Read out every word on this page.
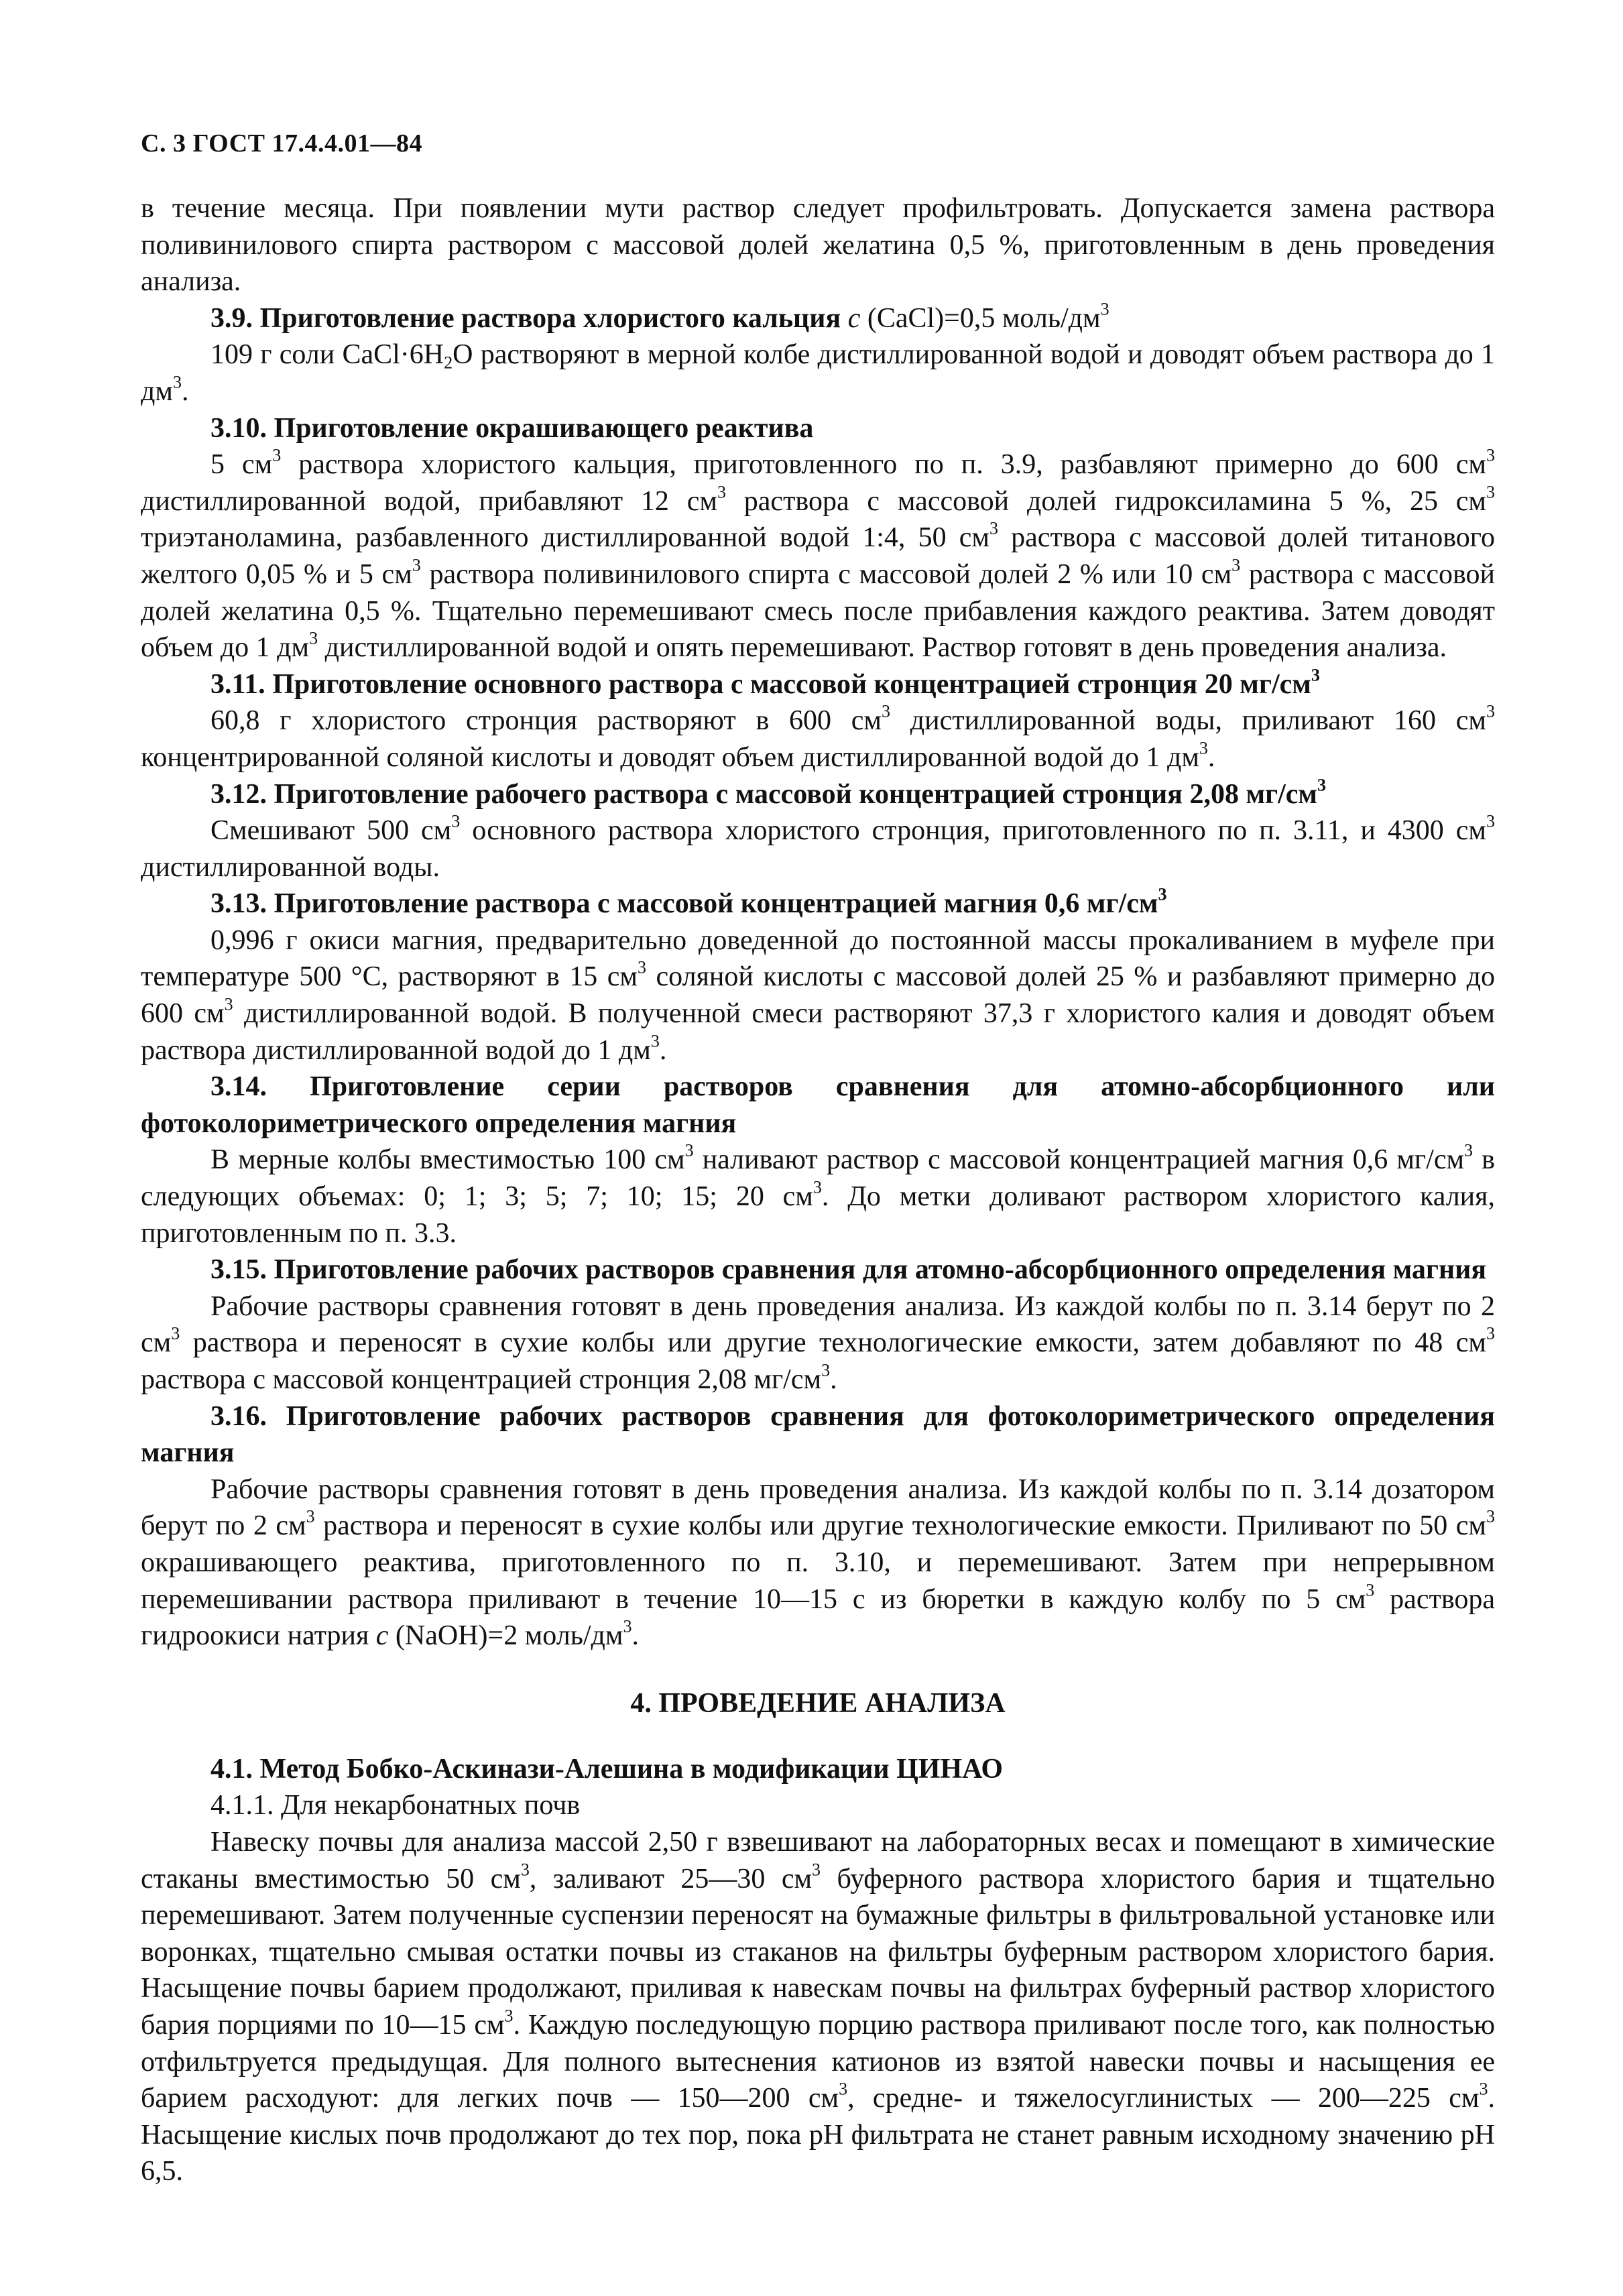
С. 3 ГОСТ 17.4.4.01—84

в течение месяца. При появлении мути раствор следует профильтровать. Допускается замена раствора поливинилового спирта раствором с массовой долей желатина 0,5 %, приготовленным в день проведения анализа.

3.9. Приготовление раствора хлористого кальция c (CaCl)=0,5 моль/$дм^3$

109 г соли $CaCl\cdot 6H_2О$ растворяют в мерной колбе дистиллированной водой и доводят объем раствора до 1 $дм^3$.

3.10. Приготовление окрашивающего реактива

5 $см^3$ раствора хлористого кальция, приготовленного по п. 3.9, разбавляют примерно до 600 $см^3$ дистиллированной водой, прибавляют 12 $см^3$ раствора с массовой долей гидроксиламина 5 %, 25 $см^3$ триэтаноламина, разбавленного дистиллированной водой 1:4, 50 $см^3$ раствора с массовой долей титанового желтого 0,05 % и 5 $см^3$ раствора поливинилового спирта с массовой долей 2 % или 10 $см^3$ раствора с массовой долей желатина 0,5 %. Тщательно перемешивают смесь после прибавления каждого реактива. Затем доводят объем до 1 $дм^3$ дистиллированной водой и опять перемешивают. Раствор готовят в день проведения анализа.

3.11. Приготовление основного раствора с массовой концентрацией стронция 20 $мг/см^3$

60,8 г хлористого стронция растворяют в 600 $см^3$ дистиллированной воды, приливают 160 $см^3$ концентрированной соляной кислоты и доводят объем дистиллированной водой до 1 $дм^3$.

3.12. Приготовление рабочего раствора с массовой концентрацией стронция 2,08 $мг/см^3$

Смешивают 500 $см^3$ основного раствора хлористого стронция, приготовленного по п. 3.11, и 4300 $см^3$ дистиллированной воды.

3.13. Приготовление раствора с массовой концентрацией магния 0,6 $мг/см^3$

0,996 г окиси магния, предварительно доведенной до постоянной массы прокаливанием в муфеле при температуре 500 °С, растворяют в 15 $см^3$ соляной кислоты с массовой долей 25 % и разбавляют примерно до 600 $см^3$ дистиллированной водой. В полученной смеси растворяют 37,3 г хлористого калия и доводят объем раствора дистиллированной водой до 1 $дм^3$.

3.14. Приготовление серии растворов сравнения для атомно-абсорбционного или фотоколориметрического определения магния

В мерные колбы вместимостью 100 $см^3$ наливают раствор с массовой концентрацией магния 0,6 $мг/см^3$ в следующих объемах: 0; 1; 3; 5; 7; 10; 15; 20 $см^3$. До метки доливают раствором хлористого калия, приготовленным по п. 3.3.

3.15. Приготовление рабочих растворов сравнения для атомно-абсорбционного определения магния

Рабочие растворы сравнения готовят в день проведения анализа. Из каждой колбы по п. 3.14 берут по 2 $см^3$ раствора и переносят в сухие колбы или другие технологические емкости, затем добавляют по 48 $см^3$ раствора с массовой концентрацией стронция 2,08 $мг/см^3$.

3.16. Приготовление рабочих растворов сравнения для фотоколориметрического определения магния

Рабочие растворы сравнения готовят в день проведения анализа. Из каждой колбы по п. 3.14 дозатором берут по 2 $см^3$ раствора и переносят в сухие колбы или другие технологические емкости. Приливают по 50 $см^3$ окрашивающего реактива, приготовленного по п. 3.10, и перемешивают. Затем при непрерывном перемешивании раствора приливают в течение 10—15 с из бюретки в каждую колбу по 5 $см^3$ раствора гидроокиси натрия c (NaOH)=2 моль/$дм^3$.

4. ПРОВЕДЕНИЕ АНАЛИЗА

4.1. Метод Бобко-Аскинази-Алешина в модификации ЦИНАО

4.1.1. Для некарбонатных почв

Навеску почвы для анализа массой 2,50 г взвешивают на лабораторных весах и помещают в химические стаканы вместимостью 50 $см^3$, заливают 25—30 $см^3$ буферного раствора хлористого бария и тщательно перемешивают. Затем полученные суспензии переносят на бумажные фильтры в фильтровальной установке или воронках, тщательно смывая остатки почвы из стаканов на фильтры буферным раствором хлористого бария. Насыщение почвы барием продолжают, приливая к навескам почвы на фильтрах буферный раствор хлористого бария порциями по 10—15 $см^3$. Каждую последующую порцию раствора приливают после того, как полностью отфильтруется предыдущая. Для полного вытеснения катионов из взятой навески почвы и насыщения ее барием расходуют: для легких почв — 150—200 $см^3$, средне- и тяжелосуглинистых — 200—225 $см^3$. Насыщение кислых почв продолжают до тех пор, пока pH фильтрата не станет равным исходному значению pH 6,5.
